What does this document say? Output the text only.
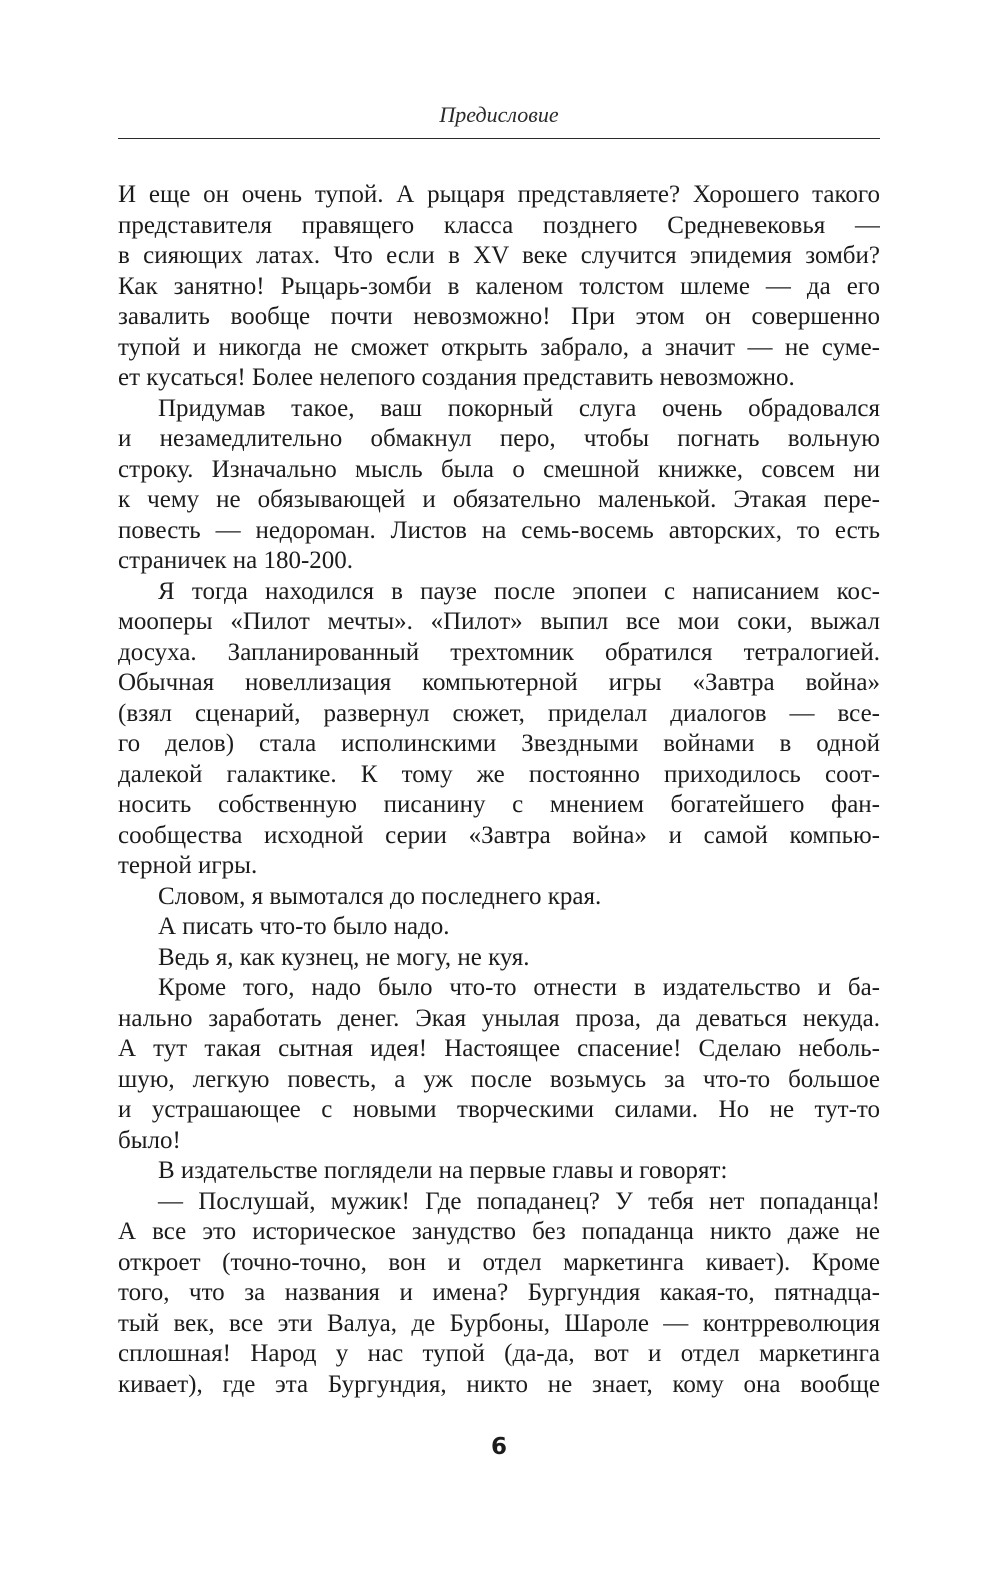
Предисловие
И еще он очень тупой. А рыцаря представляете? Хорошего такого
представителя правящего класса позднего Средневековья —
в сияющих латах. Что если в XV веке случится эпидемия зомби?
Как занятно! Рыцарь-зомби в каленом толстом шлеме — да его
завалить вообще почти невозможно! При этом он совершенно
тупой и никогда не сможет открыть забрало, а значит — не суме-
ет кусаться! Более нелепого создания представить невозможно.
Придумав такое, ваш покорный слуга очень обрадовался
и незамедлительно обмакнул перо, чтобы погнать вольную
строку. Изначально мысль была о смешной книжке, совсем ни
к чему не обязывающей и обязательно маленькой. Этакая пере-
повесть — недороман. Листов на семь-восемь авторских, то есть
страничек на 180-200.
Я тогда находился в паузе после эпопеи с написанием кос-
мооперы «Пилот мечты». «Пилот» выпил все мои соки, выжал
досуха. Запланированный трехтомник обратился тетралогией.
Обычная новеллизация компьютерной игры «Завтра война»
(взял сценарий, развернул сюжет, приделал диалогов — все-
го делов) стала исполинскими Звездными войнами в одной
далекой галактике. К тому же постоянно приходилось соот-
носить собственную писанину с мнением богатейшего фан-
сообщества исходной серии «Завтра война» и самой компью-
терной игры.
Словом, я вымотался до последнего края.
А писать что-то было надо.
Ведь я, как кузнец, не могу, не куя.
Кроме того, надо было что-то отнести в издательство и ба-
нально заработать денег. Экая унылая проза, да деваться некуда.
А тут такая сытная идея! Настоящее спасение! Сделаю неболь-
шую, легкую повесть, а уж после возьмусь за что-то большое
и устрашающее с новыми творческими силами. Но не тут-то
было!
В издательстве поглядели на первые главы и говорят:
— Послушай, мужик! Где попаданец? У тебя нет попаданца!
А все это историческое занудство без попаданца никто даже не
откроет (точно-точно, вон и отдел маркетинга кивает). Кроме
того, что за названия и имена? Бургундия какая-то, пятнадца-
тый век, все эти Валуа, де Бурбоны, Шароле — контрреволюция
сплошная! Народ у нас тупой (да-да, вот и отдел маркетинга
кивает), где эта Бургундия, никто не знает, кому она вообще
6
